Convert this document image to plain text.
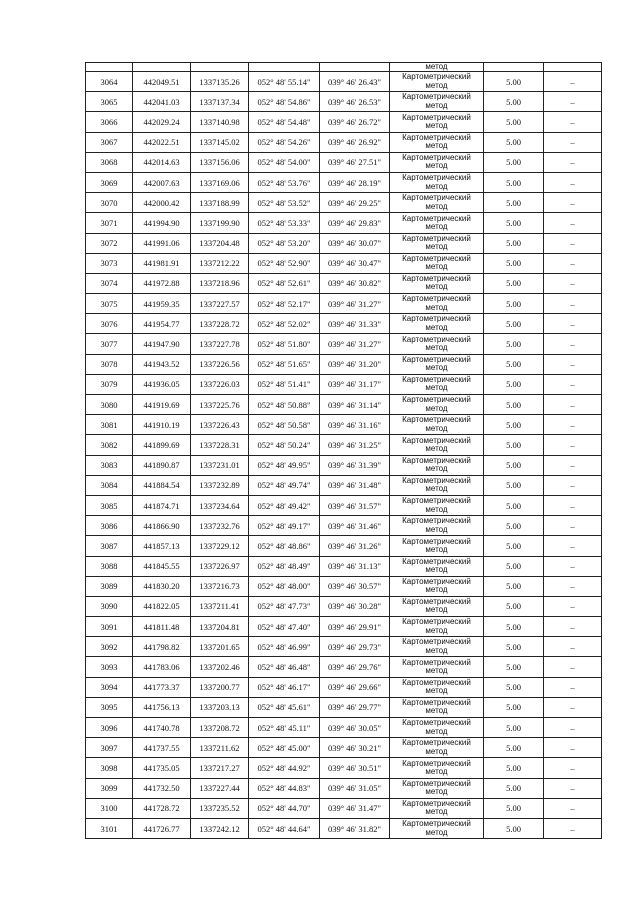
					метод		
3064	442049.51	1337135.26	052° 48' 55.14"	039° 46' 26.43"	Картометрический
метод	5.00	–
3065	442041.03	1337137.34	052° 48' 54.86"	039° 46' 26.53"	Картометрический
метод	5.00	–
3066	442029.24	1337140.98	052° 48' 54.48"	039° 46' 26.72"	Картометрический
метод	5.00	–
3067	442022.51	1337145.02	052° 48' 54.26"	039° 46' 26.92"	Картометрический
метод	5.00	–
3068	442014.63	1337156.06	052° 48' 54.00"	039° 46' 27.51"	Картометрический
метод	5.00	–
3069	442007.63	1337169.06	052° 48' 53.76"	039° 46' 28.19"	Картометрический
метод	5.00	–
3070	442000.42	1337188.99	052° 48' 53.52"	039° 46' 29.25"	Картометрический
метод	5.00	–
3071	441994.90	1337199.90	052° 48' 53.33"	039° 46' 29.83"	Картометрический
метод	5.00	–
3072	441991.06	1337204.48	052° 48' 53.20"	039° 46' 30.07"	Картометрический
метод	5.00	–
3073	441981.91	1337212.22	052° 48' 52.90"	039° 46' 30.47"	Картометрический
метод	5.00	–
3074	441972.88	1337218.96	052° 48' 52.61"	039° 46' 30.82"	Картометрический
метод	5.00	–
3075	441959.35	1337227.57	052° 48' 52.17"	039° 46' 31.27"	Картометрический
метод	5.00	–
3076	441954.77	1337228.72	052° 48' 52.02"	039° 46' 31.33"	Картометрический
метод	5.00	–
3077	441947.90	1337227.78	052° 48' 51.80"	039° 46' 31.27"	Картометрический
метод	5.00	–
3078	441943.52	1337226.56	052° 48' 51.65"	039° 46' 31.20"	Картометрический
метод	5.00	–
3079	441936.05	1337226.03	052° 48' 51.41"	039° 46' 31.17"	Картометрический
метод	5.00	–
3080	441919.69	1337225.76	052° 48' 50.88"	039° 46' 31.14"	Картометрический
метод	5.00	–
3081	441910.19	1337226.43	052° 48' 50.58"	039° 46' 31.16"	Картометрический
метод	5.00	–
3082	441899.69	1337228.31	052° 48' 50.24"	039° 46' 31.25"	Картометрический
метод	5.00	–
3083	441890.87	1337231.01	052° 48' 49.95"	039° 46' 31.39"	Картометрический
метод	5.00	–
3084	441884.54	1337232.89	052° 48' 49.74"	039° 46' 31.48"	Картометрический
метод	5.00	–
3085	441874.71	1337234.64	052° 48' 49.42"	039° 46' 31.57"	Картометрический
метод	5.00	–
3086	441866.90	1337232.76	052° 48' 49.17"	039° 46' 31.46"	Картометрический
метод	5.00	–
3087	441857.13	1337229.12	052° 48' 48.86"	039° 46' 31.26"	Картометрический
метод	5.00	–
3088	441845.55	1337226.97	052° 48' 48.49"	039° 46' 31.13"	Картометрический
метод	5.00	–
3089	441830.20	1337216.73	052° 48' 48.00"	039° 46' 30.57"	Картометрический
метод	5.00	–
3090	441822.05	1337211.41	052° 48' 47.73"	039° 46' 30.28"	Картометрический
метод	5.00	–
3091	441811.48	1337204.81	052° 48' 47.40"	039° 46' 29.91"	Картометрический
метод	5.00	–
3092	441798.82	1337201.65	052° 48' 46.99"	039° 46' 29.73"	Картометрический
метод	5.00	–
3093	441783.06	1337202.46	052° 48' 46.48"	039° 46' 29.76"	Картометрический
метод	5.00	–
3094	441773.37	1337200.77	052° 48' 46.17"	039° 46' 29.66"	Картометрический
метод	5.00	–
3095	441756.13	1337203.13	052° 48' 45.61"	039° 46' 29.77"	Картометрический
метод	5.00	–
3096	441740.78	1337208.72	052° 48' 45.11"	039° 46' 30.05"	Картометрический
метод	5.00	–
3097	441737.55	1337211.62	052° 48' 45.00"	039° 46' 30.21"	Картометрический
метод	5.00	–
3098	441735.05	1337217.27	052° 48' 44.92"	039° 46' 30.51"	Картометрический
метод	5.00	–
3099	441732.50	1337227.44	052° 48' 44.83"	039° 46' 31.05"	Картометрический
метод	5.00	–
3100	441728.72	1337235.52	052° 48' 44.70"	039° 46' 31.47"	Картометрический
метод	5.00	–
3101	441726.77	1337242.12	052° 48' 44.64"	039° 46' 31.82"	Картометрический
метод	5.00	–
